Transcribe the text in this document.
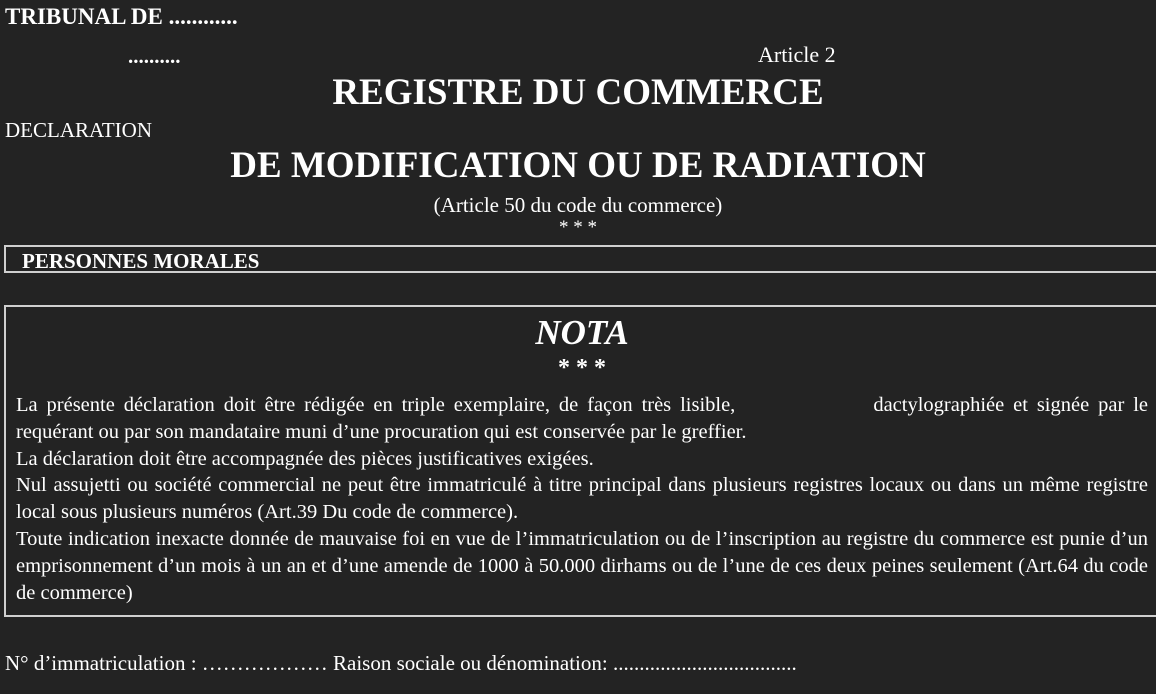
TRIBUNAL DE ............
..........	Article 2
REGISTRE DU COMMERCE
DECLARATION
DE MODIFICATION OU DE RADIATION
(Article 50 du code du commerce)
* * *
PERSONNES MORALES
NOTA
* * *

La présente déclaration doit être rédigée en triple exemplaire, de façon très lisible,	dactylographiée et signée par le requérant ou par son mandataire muni d’une procuration qui est conservée par le greffier.

La déclaration doit être accompagnée des pièces justificatives exigées.

Nul assujetti ou société commercial ne peut être immatriculé à titre principal dans plusieurs registres locaux ou dans un même registre local sous plusieurs numéros (Art.39 Du code de commerce).

Toute indication inexacte donnée de mauvaise foi en vue de l’immatriculation ou de l’inscription au registre du commerce est punie d’un emprisonnement d’un mois à un an et d’une amende de 1000 à 50.000 dirhams ou de l’une de ces deux peines seulement (Art.64 du code de commerce)

N° d’immatriculation : ……………… Raison sociale ou dénomination: ...................................
